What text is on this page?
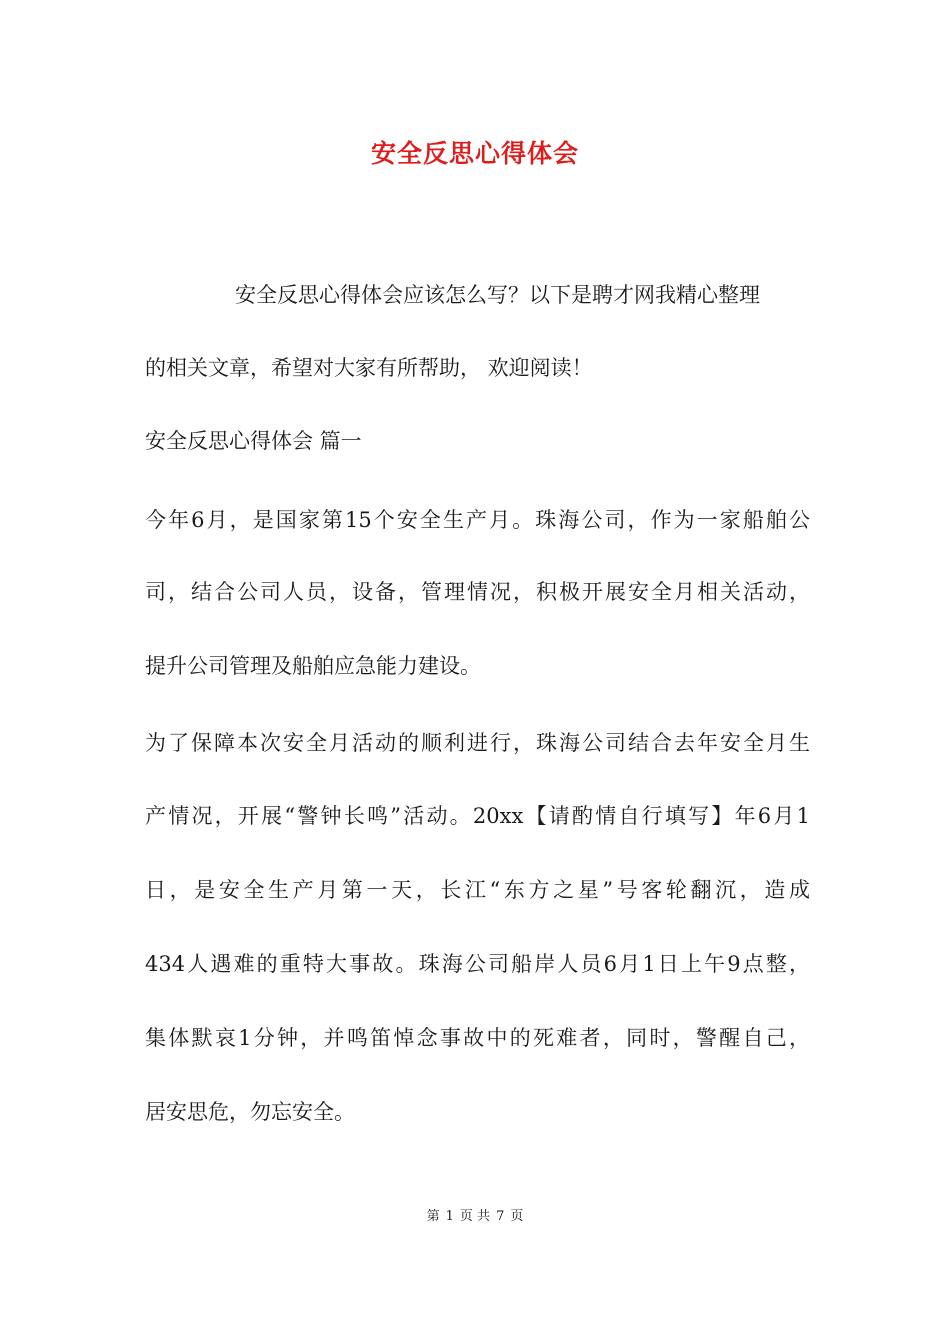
安全反思心得体会
安全反思心得体会应该怎么写？以下是聘才网我精心整理
的相关文章，希望对大家有所帮助， 欢迎阅读！
安全反思心得体会 篇一
今年6月，是国家第15个安全生产月。珠海公司，作为一家船舶公
司，结合公司人员，设备，管理情况，积极开展安全月相关活动，
提升公司管理及船舶应急能力建设。
为了保障本次安全月活动的顺利进行，珠海公司结合去年安全月生
产情况，开展“警钟长鸣”活动。20xx【请酌情自行填写】年6月1
日，是安全生产月第一天，长江“东方之星”号客轮翻沉，造成
434人遇难的重特大事故。珠海公司船岸人员6月1日上午9点整，
集体默哀1分钟，并鸣笛悼念事故中的死难者，同时，警醒自己，
居安思危，勿忘安全。
第 1 页 共 7 页
